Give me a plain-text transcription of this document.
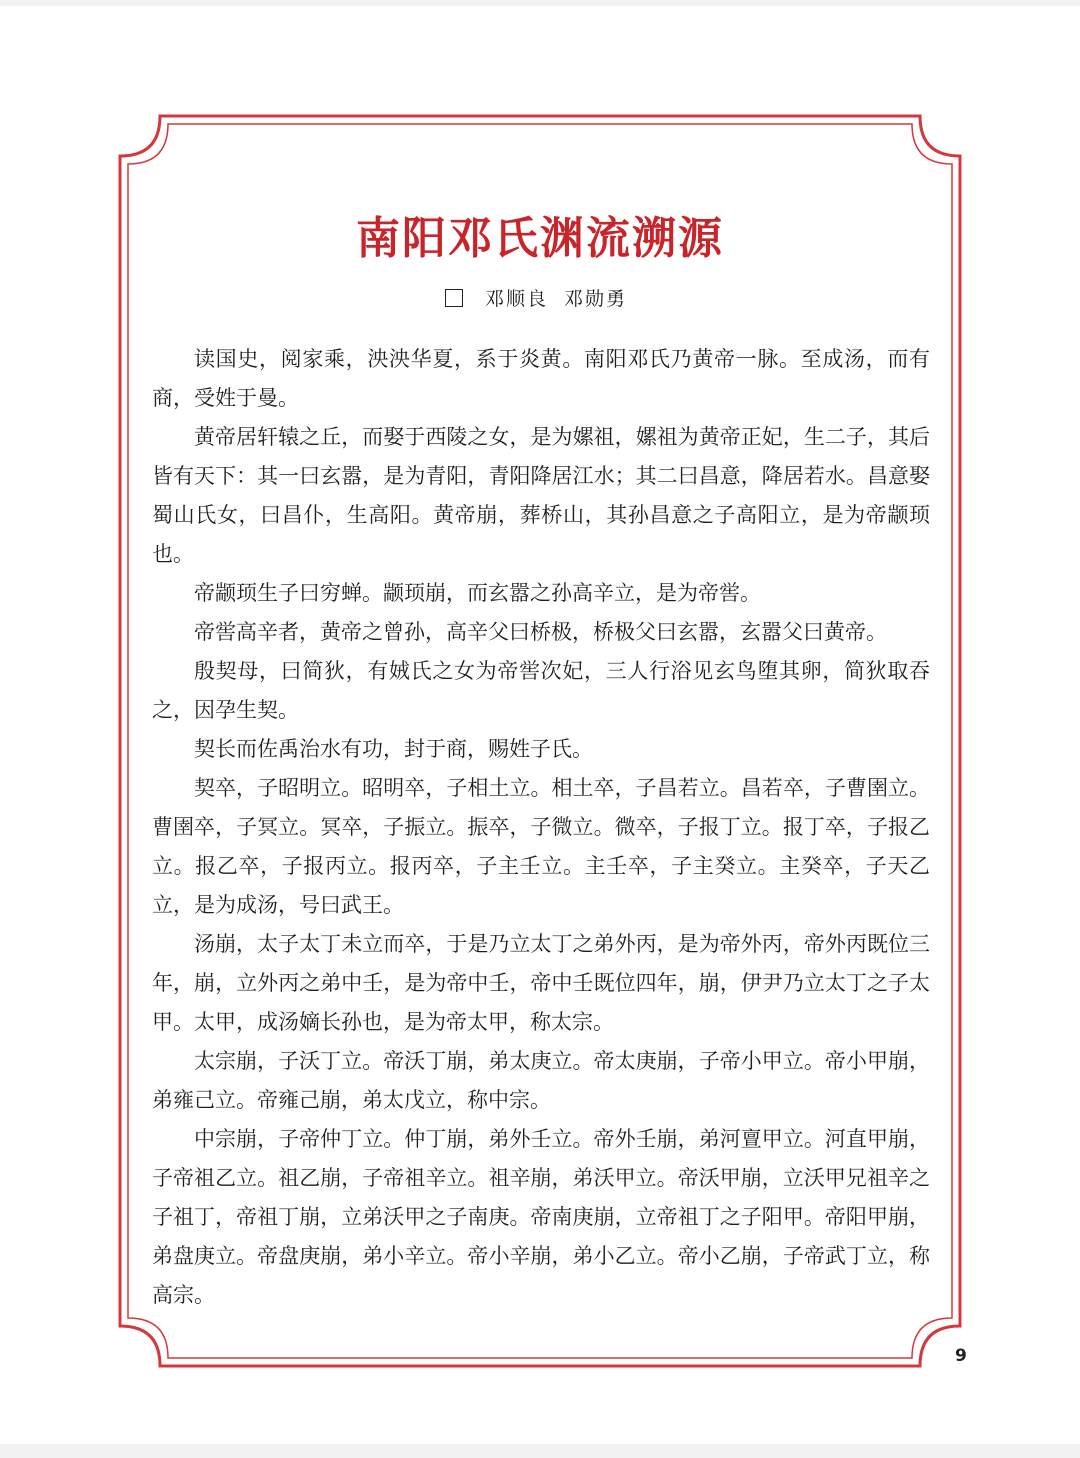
南阳邓氏渊流溯源
邓顺良 邓勋勇

读国史，阅家乘，泱泱华夏，系于炎黄。南阳邓氏乃黄帝一脉。至成汤，而有商，受姓于曼。

黄帝居轩辕之丘，而娶于西陵之女，是为嫘祖，嫘祖为黄帝正妃，生二子，其后皆有天下：其一曰玄嚣，是为青阳，青阳降居江水；其二曰昌意，降居若水。昌意娶蜀山氏女，曰昌仆，生高阳。黄帝崩，葬桥山，其孙昌意之子高阳立，是为帝颛顼也。

帝颛顼生子曰穷蝉。颛顼崩，而玄嚣之孙高辛立，是为帝喾。

帝喾高辛者，黄帝之曾孙，高辛父曰桥极，桥极父曰玄嚣，玄嚣父曰黄帝。

殷契母，曰简狄，有娀氏之女为帝喾次妃，三人行浴见玄鸟堕其卵，简狄取吞之，因孕生契。

契长而佐禹治水有功，封于商，赐姓子氏。

契卒，子昭明立。昭明卒，子相土立。相土卒，子昌若立。昌若卒，子曹圉立。曹圉卒，子冥立。冥卒，子振立。振卒，子微立。微卒，子报丁立。报丁卒，子报乙立。报乙卒，子报丙立。报丙卒，子主壬立。主壬卒，子主癸立。主癸卒，子天乙立，是为成汤，号曰武王。

汤崩，太子太丁未立而卒，于是乃立太丁之弟外丙，是为帝外丙，帝外丙既位三年，崩，立外丙之弟中壬，是为帝中壬，帝中壬既位四年，崩，伊尹乃立太丁之子太甲。太甲，成汤嫡长孙也，是为帝太甲，称太宗。

太宗崩，子沃丁立。帝沃丁崩，弟太庚立。帝太庚崩，子帝小甲立。帝小甲崩，弟雍己立。帝雍己崩，弟太戊立，称中宗。

中宗崩，子帝仲丁立。仲丁崩，弟外壬立。帝外壬崩，弟河亶甲立。河直甲崩，子帝祖乙立。祖乙崩，子帝祖辛立。祖辛崩，弟沃甲立。帝沃甲崩，立沃甲兄祖辛之子祖丁，帝祖丁崩，立弟沃甲之子南庚。帝南庚崩，立帝祖丁之子阳甲。帝阳甲崩，弟盘庚立。帝盘庚崩，弟小辛立。帝小辛崩，弟小乙立。帝小乙崩，子帝武丁立，称高宗。

9
